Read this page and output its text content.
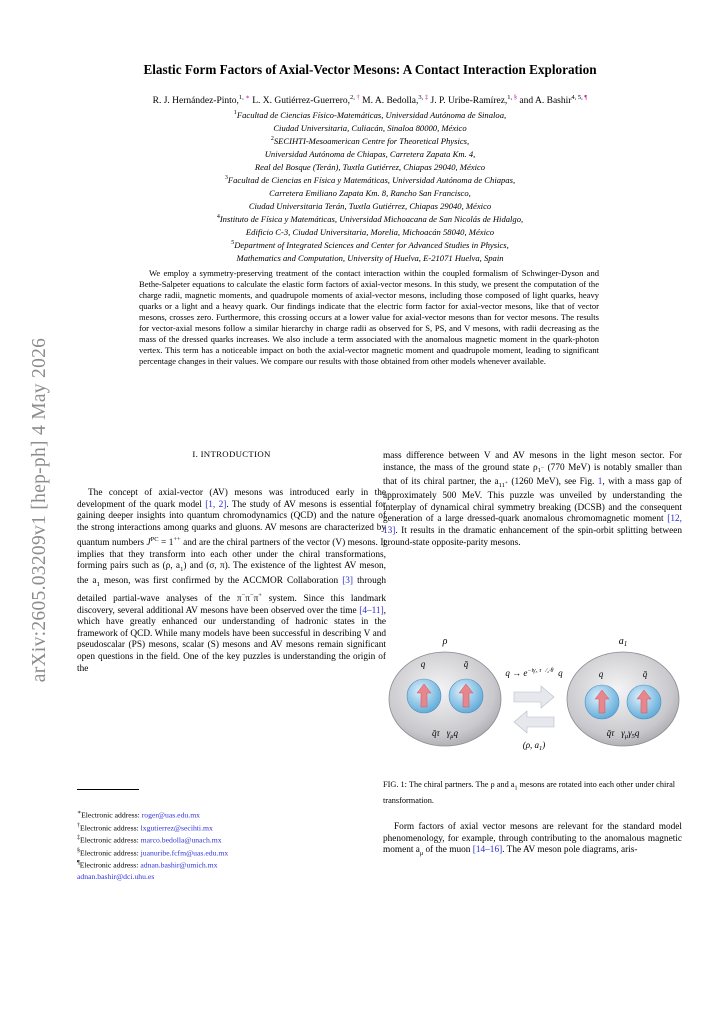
arXiv:2605.03209v1 [hep-ph] 4 May 2026
Elastic Form Factors of Axial-Vector Mesons: A Contact Interaction Exploration
R. J. Hernández-Pinto,$^{1, ∗}$ L. X. Gutiérrez-Guerrero,$^{2, \dagger}$ M. A. Bedolla,$^{3, \ddagger}$ J. P. Uribe-Ramírez,$^{1, \S}$ and A. Bashir$^{4, 5, \P}$
$^1$Facultad de Ciencias Físico-Matemáticas, Universidad Autónoma de Sinaloa,
Ciudad Universitaria, Culiacán, Sinaloa 80000, México
$^2$SECIHTI-Mesoamerican Centre for Theoretical Physics,
Universidad Autónoma de Chiapas, Carretera Zapata Km. 4,
Real del Bosque (Terán), Tuxtla Gutiérrez, Chiapas 29040, México
$^3$Facultad de Ciencias en Física y Matemáticas, Universidad Autónoma de Chiapas,
Carretera Emiliano Zapata Km. 8, Rancho San Francisco,
Ciudad Universitaria Terán, Tuxtla Gutiérrez, Chiapas 29040, México
$^4$Instituto de Física y Matemáticas, Universidad Michoacana de San Nicolás de Hidalgo,
Edificio C-3, Ciudad Universitaria, Morelia, Michoacán 58040, México
$^5$Department of Integrated Sciences and Center for Advanced Studies in Physics,
Mathematics and Computation, University of Huelva, E-21071 Huelva, Spain
We employ a symmetry-preserving treatment of the contact interaction within the coupled formalism of Schwinger-Dyson and Bethe-Salpeter equations to calculate the elastic form factors of axial-vector mesons. In this study, we present the computation of the charge radii, magnetic moments, and quadrupole moments of axial-vector mesons, including those composed of light quarks, heavy quarks or a light and a heavy quark. Our findings indicate that the electric form factor for axial-vector mesons, like that of vector mesons, crosses zero. Furthermore, this crossing occurs at a lower value for axial-vector mesons than for vector mesons. The results for vector-axial mesons follow a similar hierarchy in charge radii as observed for S, PS, and V mesons, with radii decreasing as the mass of the dressed quarks increases. We also include a term associated with the anomalous magnetic moment in the quark-photon vertex. This term has a noticeable impact on both the axial-vector magnetic moment and quadrupole moment, leading to significant percentage changes in their values. We compare our results with those obtained from other models whenever available.
I. INTRODUCTION
The concept of axial-vector (AV) mesons was introduced early in the development of the quark model [1, 2]. The study of AV mesons is essential for gaining deeper insights into quantum chromodynamics (QCD) and the nature of the strong interactions among quarks and gluons. AV mesons are characterized by quantum numbers $J^{PC} = 1^{++}$ and are the chiral partners of the vector (V) mesons. It implies that they transform into each other under the chiral transformations, forming pairs such as (ρ, $a_1$) and (σ, π). The existence of the lightest AV meson, the $a_1$ meson, was first confirmed by the ACCMOR Collaboration [3] through detailed partial-wave analyses of the π−π−π+ system. Since this landmark discovery, several additional AV mesons have been observed over the time [4–11], which have greatly enhanced our understanding of hadronic states in the framework of QCD. While many models have been successful in describing V and pseudoscalar (PS) mesons, scalar (S) mesons and AV mesons remain significant open questions in the field. One of the key puzzles is understanding the origin of the
mass difference between V and AV mesons in the light meson sector. For instance, the mass of the ground state $\rho_{1^-}$ (770 MeV) is notably smaller than that of its chiral partner, the $a_{11^+}$ (1260 MeV), see Fig. 1, with a mass gap of approximately 500 MeV. This puzzle was unveiled by understanding the interplay of dynamical chiral symmetry breaking (DCSB) and the consequent generation of a large dressed-quark anomalous chromomagnetic moment [12, 13]. It results in the dramatic enhancement of the spin-orbit splitting between ground-state opposite-parity mesons.
ρ	$a_1$
q	q̄
$q̄\tau⃗\gamma_\mu q$
q	q̄
$q̄\tau⃗\gamma_\mu\gamma_5q$
$q \to e^{-i\gamma_5 \tau⃗⁄_2\cdot\theta⃗}q$
(ρ, $a_1$)
FIG. 1: The chiral partners. The ρ and $a_1$ mesons are rotated into each other under chiral transformation.
Form factors of axial vector mesons are relevant for the standard model phenomenology, for example, through contributing to the anomalous magnetic moment $a_\mu$ of the muon [14–16]. The AV meson pole diagrams, aris-
∗Electronic address: roger@uas.edu.mx
†Electronic address: lxgutierrez@secihti.mx
‡Electronic address: marco.bedolla@unach.mx
§Electronic address: juanuribe.fcfm@uas.edu.mx
¶Electronic address: adnan.bashir@umich.mx
adnan.bashir@dci.uhu.es
